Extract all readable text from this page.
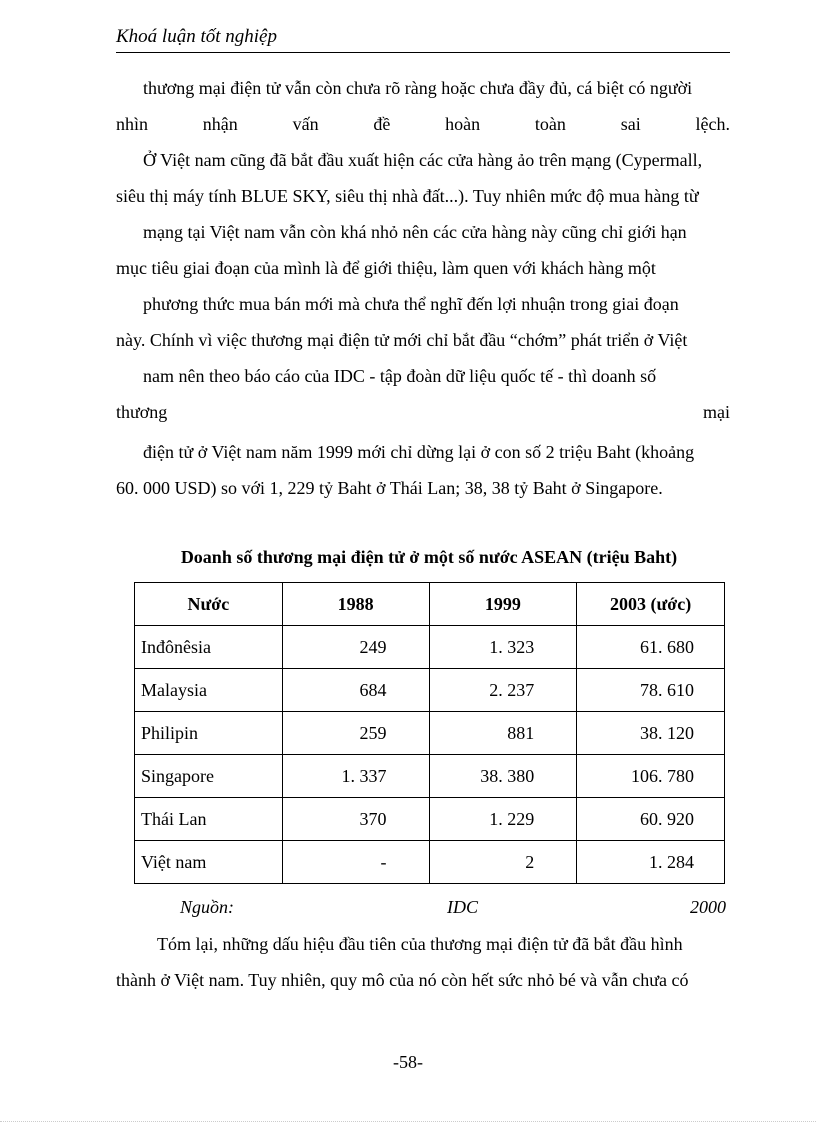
Khoá luận tốt nghiệp
thương mại điện tử vẫn còn chưa rõ ràng hoặc chưa đầy đủ, cá biệt có người
nhìn	nhận	vấn	đề	hoàn	toàn	sai	lệch.
Ở Việt nam cũng đã bắt đầu xuất hiện các cửa hàng ảo trên mạng (Cypermall,
siêu thị máy tính BLUE SKY, siêu thị nhà đất...). Tuy nhiên mức độ mua hàng từ
mạng tại Việt nam vẫn còn khá nhỏ nên các cửa hàng này cũng chỉ giới hạn
mục tiêu giai đoạn của mình là để giới thiệu, làm quen với khách hàng một
phương thức mua bán mới mà chưa thể nghĩ đến lợi nhuận trong giai đoạn
này. Chính vì việc thương mại điện tử mới chỉ bắt đầu “chớm” phát triển ở Việt
nam nên theo báo cáo của IDC - tập đoàn dữ liệu quốc tế - thì doanh số
thương	mại
điện tử ở Việt nam năm 1999 mới chỉ dừng lại ở con số 2 triệu Baht (khoảng
60. 000 USD) so với 1, 229 tỷ Baht ở Thái Lan; 38, 38 tỷ Baht ở Singapore.
Doanh số thương mại điện tử ở một số nước ASEAN (triệu Baht)
Nước	1988	1999	2003 (ước)
Inđônêsia	249	1. 323	61. 680
Malaysia	684	2. 237	78. 610
Philipin	259	881	38. 120
Singapore	1. 337	38. 380	106. 780
Thái Lan	370	1. 229	60. 920
Việt nam	-	2	1. 284
Nguồn:	IDC	2000
Tóm lại, những dấu hiệu đầu tiên của thương mại điện tử đã bắt đầu hình
thành ở Việt nam. Tuy nhiên, quy mô của nó còn hết sức nhỏ bé và vẫn chưa có
-58-
